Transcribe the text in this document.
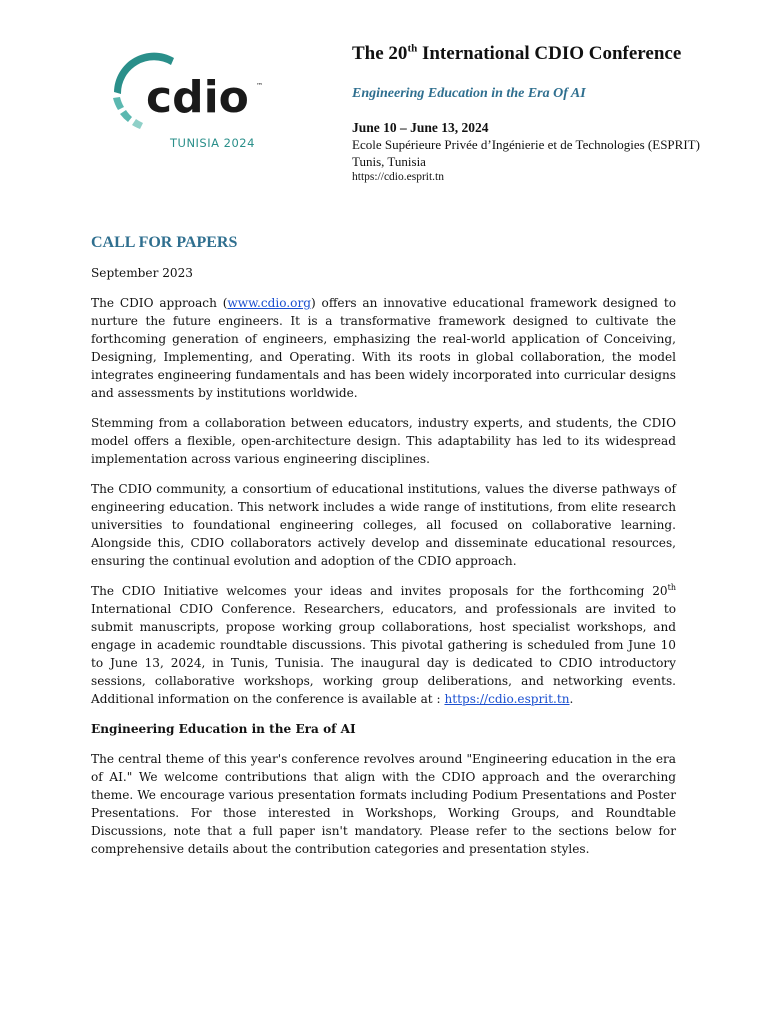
cdio ™
TUNISIA 2024
The 20th International CDIO Conference
Engineering Education in the Era Of AI
June 10 – June 13, 2024
Ecole Supérieure Privée d’Ingénierie et de Technologies (ESPRIT)
Tunis, Tunisia
https://cdio.esprit.tn
CALL FOR PAPERS
September 2023

The CDIO approach (www.cdio.org) offers an innovative educational framework designed to nurture the future engineers. It is a transformative framework designed to cultivate the forthcoming generation of engineers, emphasizing the real-world application of Conceiving, Designing, Implementing, and Operating. With its roots in global collaboration, the model integrates engineering fundamentals and has been widely incorporated into curricular designs and assessments by institutions worldwide.

Stemming from a collaboration between educators, industry experts, and students, the CDIO model offers a flexible, open-architecture design. This adaptability has led to its widespread implementation across various engineering disciplines.

The CDIO community, a consortium of educational institutions, values the diverse pathways of engineering education. This network includes a wide range of institutions, from elite research universities to foundational engineering colleges, all focused on collaborative learning. Alongside this, CDIO collaborators actively develop and disseminate educational resources, ensuring the continual evolution and adoption of the CDIO approach.

The CDIO Initiative welcomes your ideas and invites proposals for the forthcoming 20th International CDIO Conference. Researchers, educators, and professionals are invited to submit manuscripts, propose working group collaborations, host specialist workshops, and engage in academic roundtable discussions. This pivotal gathering is scheduled from June 10 to June 13, 2024, in Tunis, Tunisia. The inaugural day is dedicated to CDIO introductory sessions, collaborative workshops, working group deliberations, and networking events. Additional information on the conference is available at : https://cdio.esprit.tn.

Engineering Education in the Era of AI

The central theme of this year's conference revolves around "Engineering education in the era of AI." We welcome contributions that align with the CDIO approach and the overarching theme. We encourage various presentation formats including Podium Presentations and Poster Presentations. For those interested in Workshops, Working Groups, and Roundtable Discussions, note that a full paper isn't mandatory. Please refer to the sections below for comprehensive details about the contribution categories and presentation styles.
